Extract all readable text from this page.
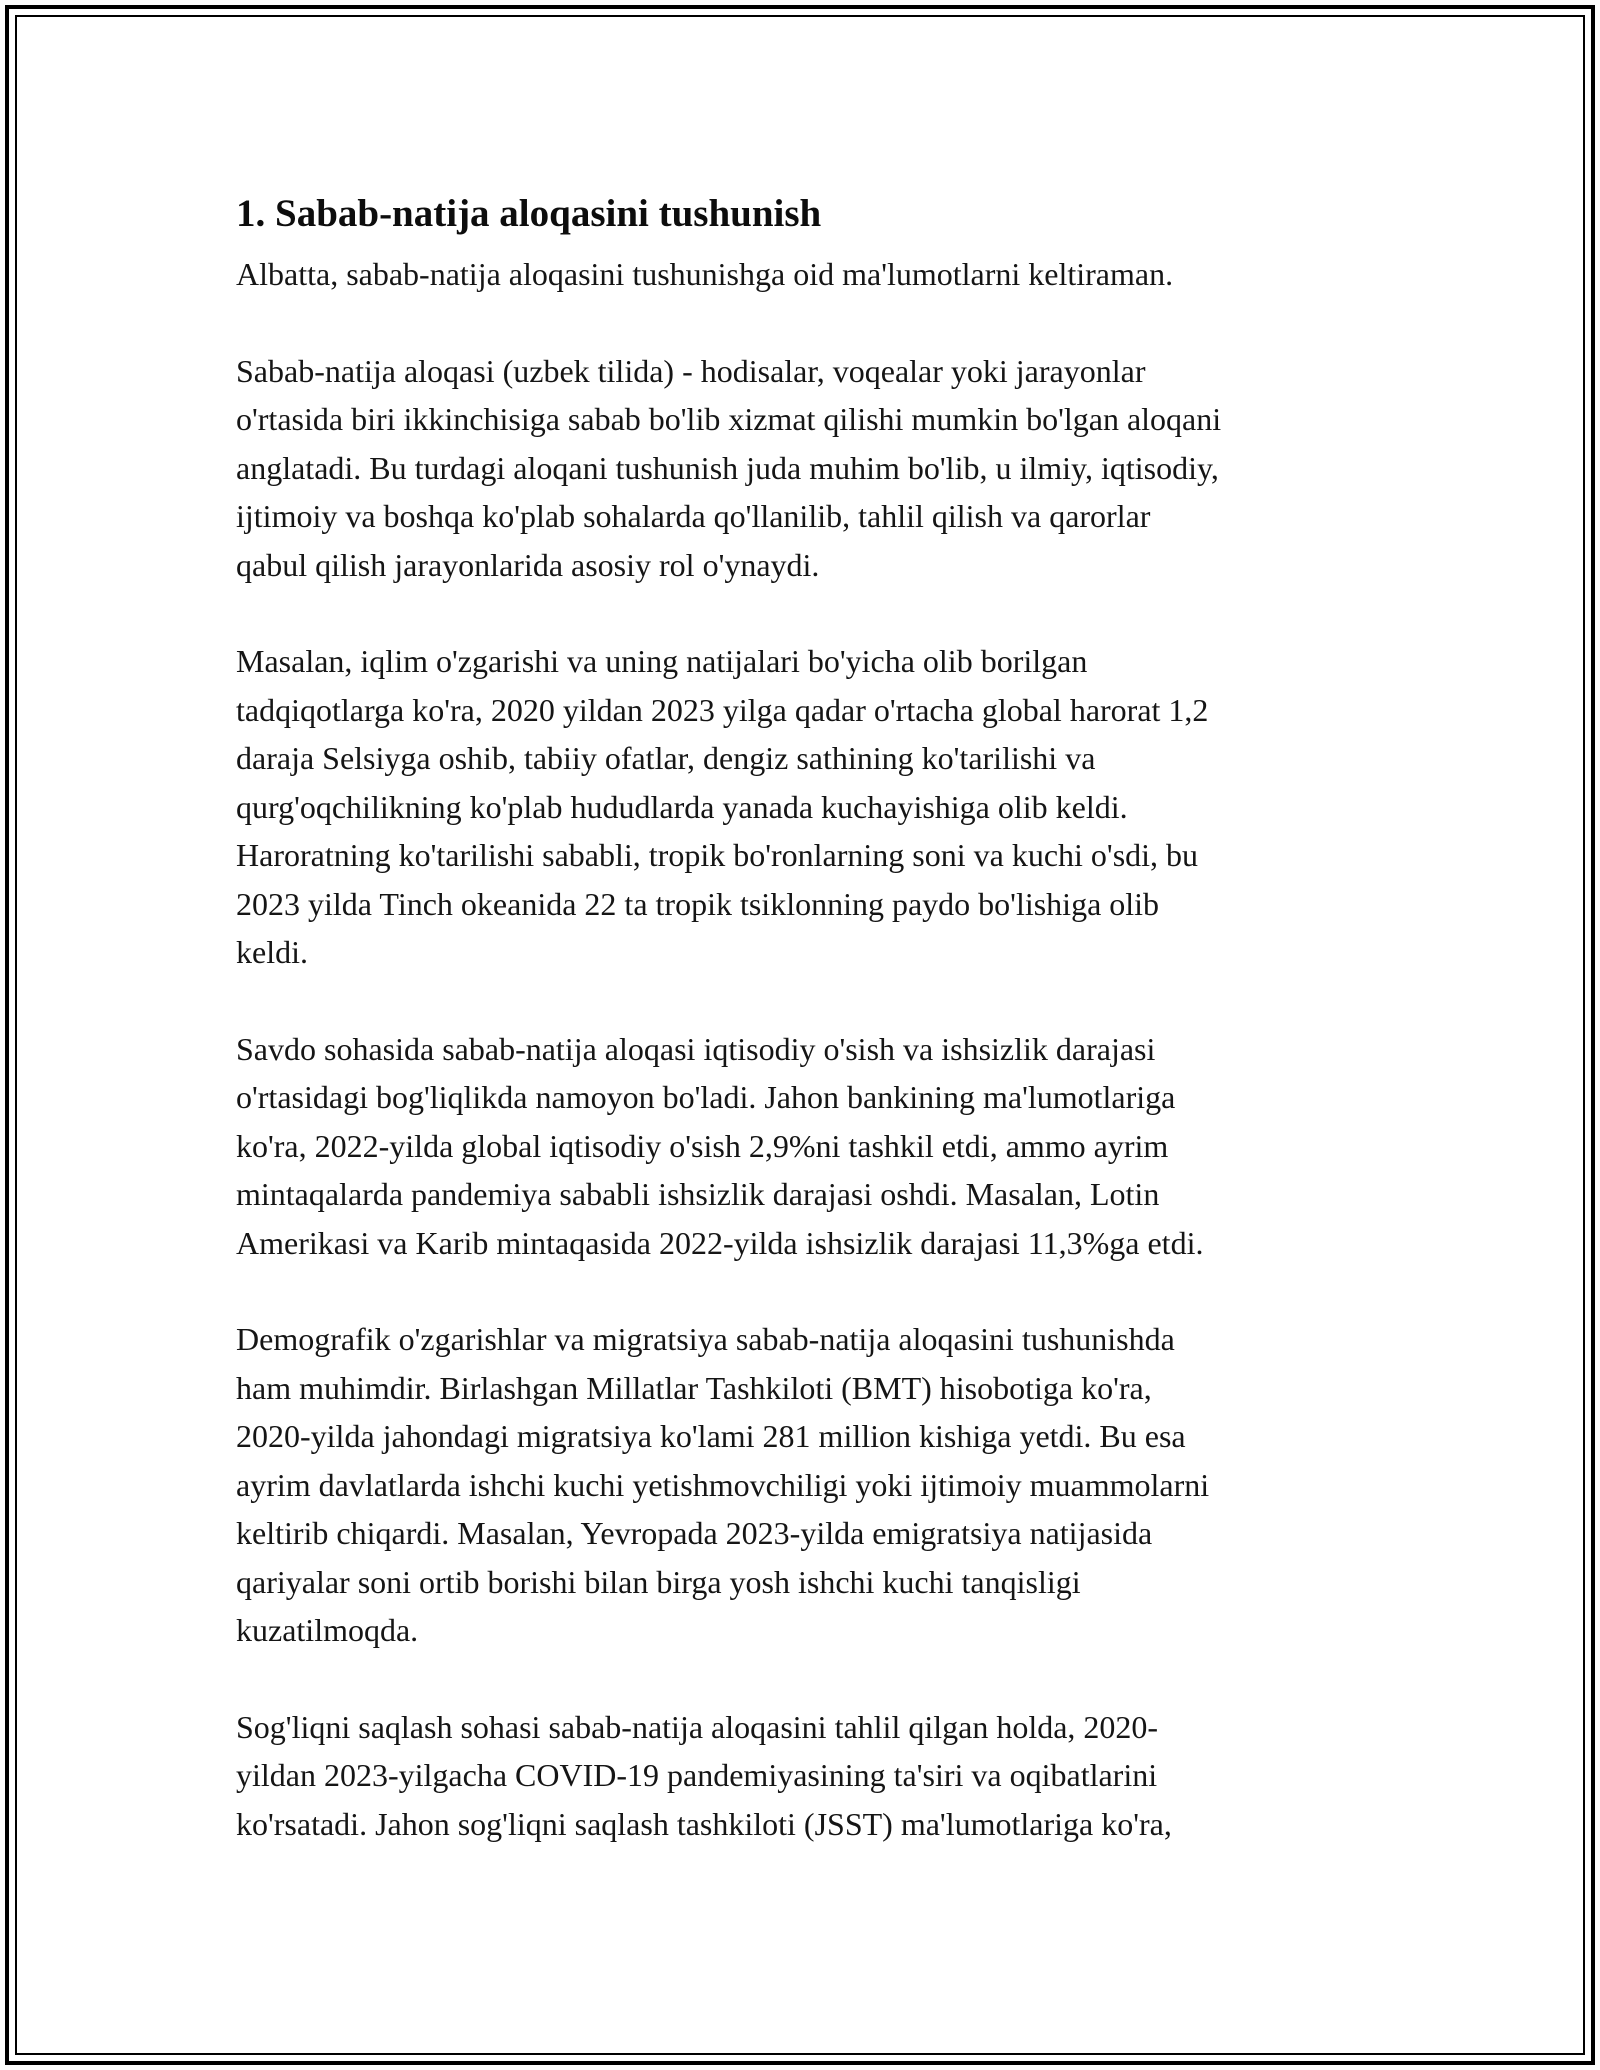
1. Sabab-natija aloqasini tushunish

Albatta, sabab-natija aloqasini tushunishga oid ma'lumotlarni keltiraman.

Sabab-natija aloqasi (uzbek tilida) - hodisalar, voqealar yoki jarayonlar
o'rtasida biri ikkinchisiga sabab bo'lib xizmat qilishi mumkin bo'lgan aloqani
anglatadi. Bu turdagi aloqani tushunish juda muhim bo'lib, u ilmiy, iqtisodiy,
ijtimoiy va boshqa ko'plab sohalarda qo'llanilib, tahlil qilish va qarorlar
qabul qilish jarayonlarida asosiy rol o'ynaydi.

Masalan, iqlim o'zgarishi va uning natijalari bo'yicha olib borilgan
tadqiqotlarga ko'ra, 2020 yildan 2023 yilga qadar o'rtacha global harorat 1,2
daraja Selsiyga oshib, tabiiy ofatlar, dengiz sathining ko'tarilishi va
qurg'oqchilikning ko'plab hududlarda yanada kuchayishiga olib keldi.
Haroratning ko'tarilishi sababli, tropik bo'ronlarning soni va kuchi o'sdi, bu
2023 yilda Tinch okeanida 22 ta tropik tsiklonning paydo bo'lishiga olib
keldi.

Savdo sohasida sabab-natija aloqasi iqtisodiy o'sish va ishsizlik darajasi
o'rtasidagi bog'liqlikda namoyon bo'ladi. Jahon bankining ma'lumotlariga
ko'ra, 2022-yilda global iqtisodiy o'sish 2,9%ni tashkil etdi, ammo ayrim
mintaqalarda pandemiya sababli ishsizlik darajasi oshdi. Masalan, Lotin
Amerikasi va Karib mintaqasida 2022-yilda ishsizlik darajasi 11,3%ga etdi.

Demografik o'zgarishlar va migratsiya sabab-natija aloqasini tushunishda
ham muhimdir. Birlashgan Millatlar Tashkiloti (BMT) hisobotiga ko'ra,
2020-yilda jahondagi migratsiya ko'lami 281 million kishiga yetdi. Bu esa
ayrim davlatlarda ishchi kuchi yetishmovchiligi yoki ijtimoiy muammolarni
keltirib chiqardi. Masalan, Yevropada 2023-yilda emigratsiya natijasida
qariyalar soni ortib borishi bilan birga yosh ishchi kuchi tanqisligi
kuzatilmoqda.

Sog'liqni saqlash sohasi sabab-natija aloqasini tahlil qilgan holda, 2020-
yildan 2023-yilgacha COVID-19 pandemiyasining ta'siri va oqibatlarini
ko'rsatadi. Jahon sog'liqni saqlash tashkiloti (JSST) ma'lumotlariga ko'ra,
